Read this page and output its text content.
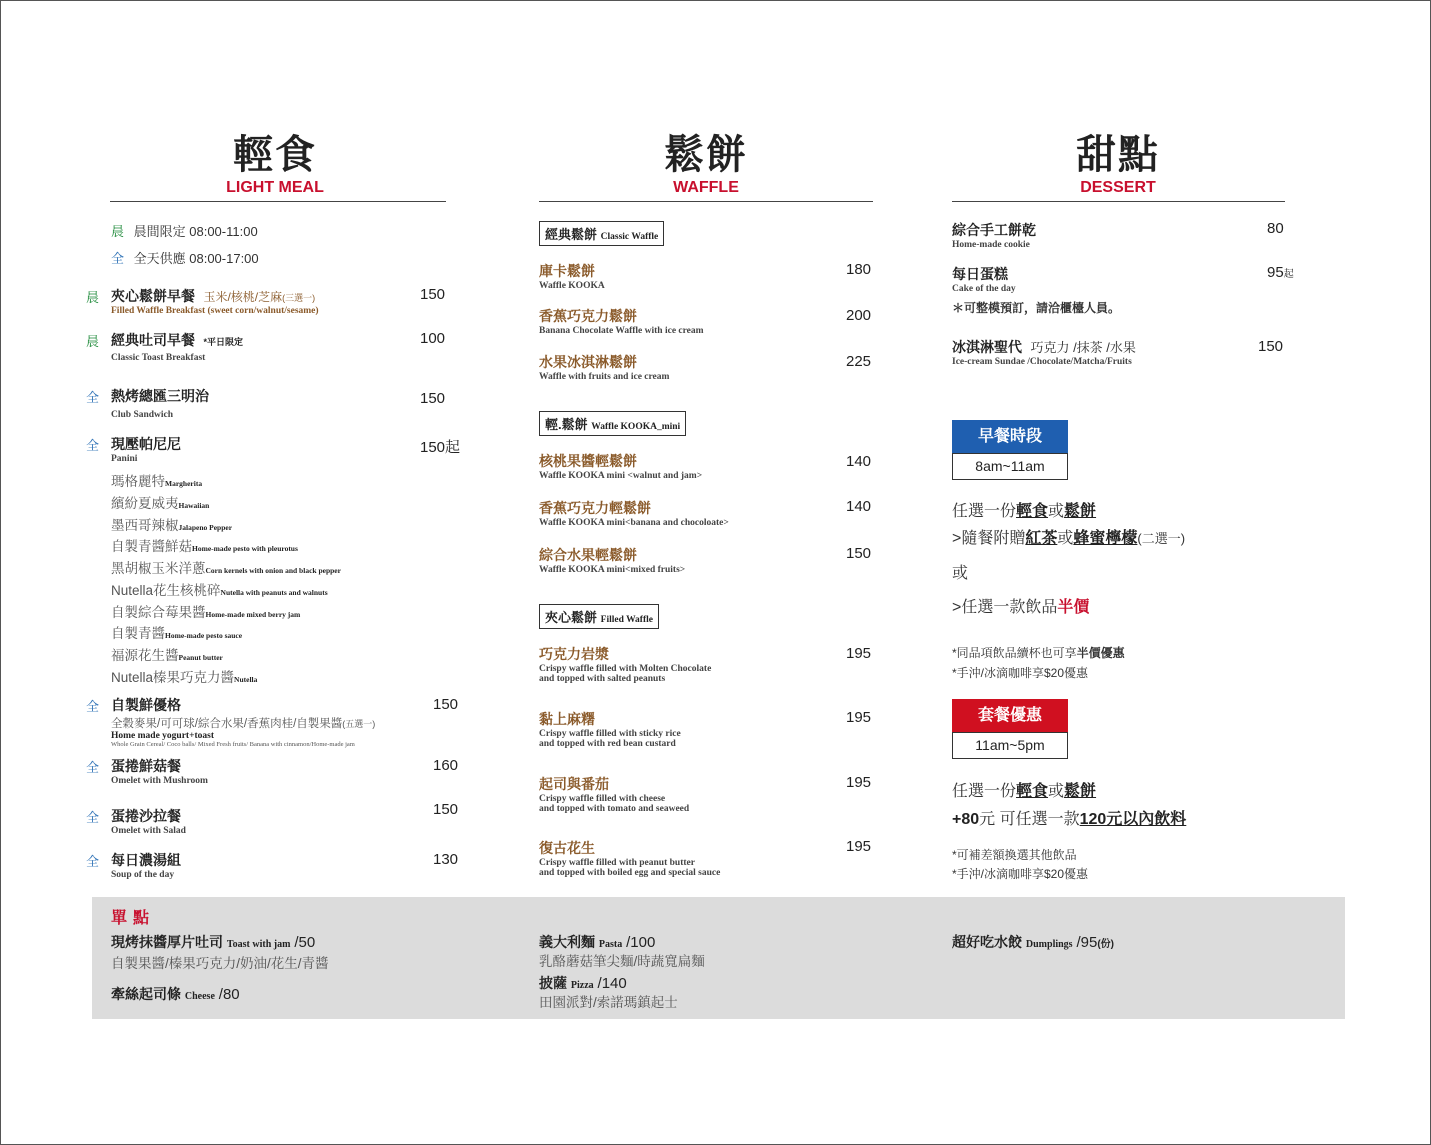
輕食
LIGHT MEAL
鬆餅
WAFFLE
甜點
DESSERT
晨 晨間限定 08:00-11:00
全 全天供應 08:00-17:00
晨 夾心鬆餅早餐 玉米/核桃/芝麻(三選一)
Filled Waffle Breakfast (sweet corn/walnut/sesame)
150
晨 經典吐司早餐 *平日限定
Classic Toast Breakfast
100
全 熱烤總匯三明治
Club Sandwich
150
全 現壓帕尼尼
Panini
150起
瑪格麗特Margherita
繽紛夏威夷Hawaiian
墨西哥辣椒Jalapeno Pepper
自製青醬鮮菇Home-made pesto with pleurotus
黑胡椒玉米洋蔥Corn kernels with onion and black pepper
Nutella花生核桃碎Nutella with peanuts and walnuts
自製綜合莓果醬Home-made mixed berry jam
自製青醬Home-made pesto sauce
福源花生醬Peanut butter
Nutella榛果巧克力醬Nutella
全 自製鮮優格
全穀麥果/可可球/綜合水果/香蕉肉桂/自製果醬(五選一)
Home made yogurt+toast
Whole Grain Cereal/ Coco balls/ Mixed Fresh fruits/ Banana with cinnamon/Home-made jam
150
全 蛋捲鮮菇餐
Omelet with Mushroom
160
全 蛋捲沙拉餐
Omelet with Salad
150
全 每日濃湯組
Soup of the day
130
經典鬆餅 Classic Waffle
庫卡鬆餅
Waffle KOOKA
180
香蕉巧克力鬆餅
Banana Chocolate Waffle with ice cream
200
水果冰淇淋鬆餅
Waffle with fruits and ice cream
225
輕.鬆餅 Waffle KOOKA_mini
核桃果醬輕鬆餅
Waffle KOOKA mini <walnut and jam>
140
香蕉巧克力輕鬆餅
Waffle KOOKA mini<banana and chocoloate>
140
綜合水果輕鬆餅
Waffle KOOKA mini<mixed fruits>
150
夾心鬆餅 Filled Waffle
巧克力岩漿
Crispy waffle filled with Molten Chocolate
and topped with salted peanuts
195
黏上麻糬
Crispy waffle filled with sticky rice
and topped with red bean custard
195
起司與番茄
Crispy waffle filled with cheese
and topped with tomato and seaweed
195
復古花生
Crispy waffle filled with peanut butter
and topped with boiled egg and special sauce
195
綜合手工餅乾
Home-made cookie
80
每日蛋糕
Cake of the day
＊可整模預訂，請洽櫃檯人員。
95起
冰淇淋聖代 巧克力 /抹茶 /水果
Ice-cream Sundae /Chocolate/Matcha/Fruits
150
早餐時段
8am~11am
任選一份輕食或鬆餅
>隨餐附贈紅茶或蜂蜜檸檬(二選一)
或
>任選一款飲品半價
*同品項飲品續杯也可享半價優惠
*手沖/冰滴咖啡享$20優惠
套餐優惠
11am~5pm
任選一份輕食或鬆餅
+80元 可任選一款120元以內飲料
*可補差額換選其他飲品
*手沖/冰滴咖啡享$20優惠
單點
現烤抹醬厚片吐司 Toast with jam /50
自製果醬/榛果巧克力/奶油/花生/青醬
牽絲起司條 Cheese /80
義大利麵 Pasta /100
乳酪蘑菇筆尖麵/時蔬寬扁麵
披薩 Pizza /140
田園派對/索諾瑪鎮起士
超好吃水餃 Dumplings /95(份)
